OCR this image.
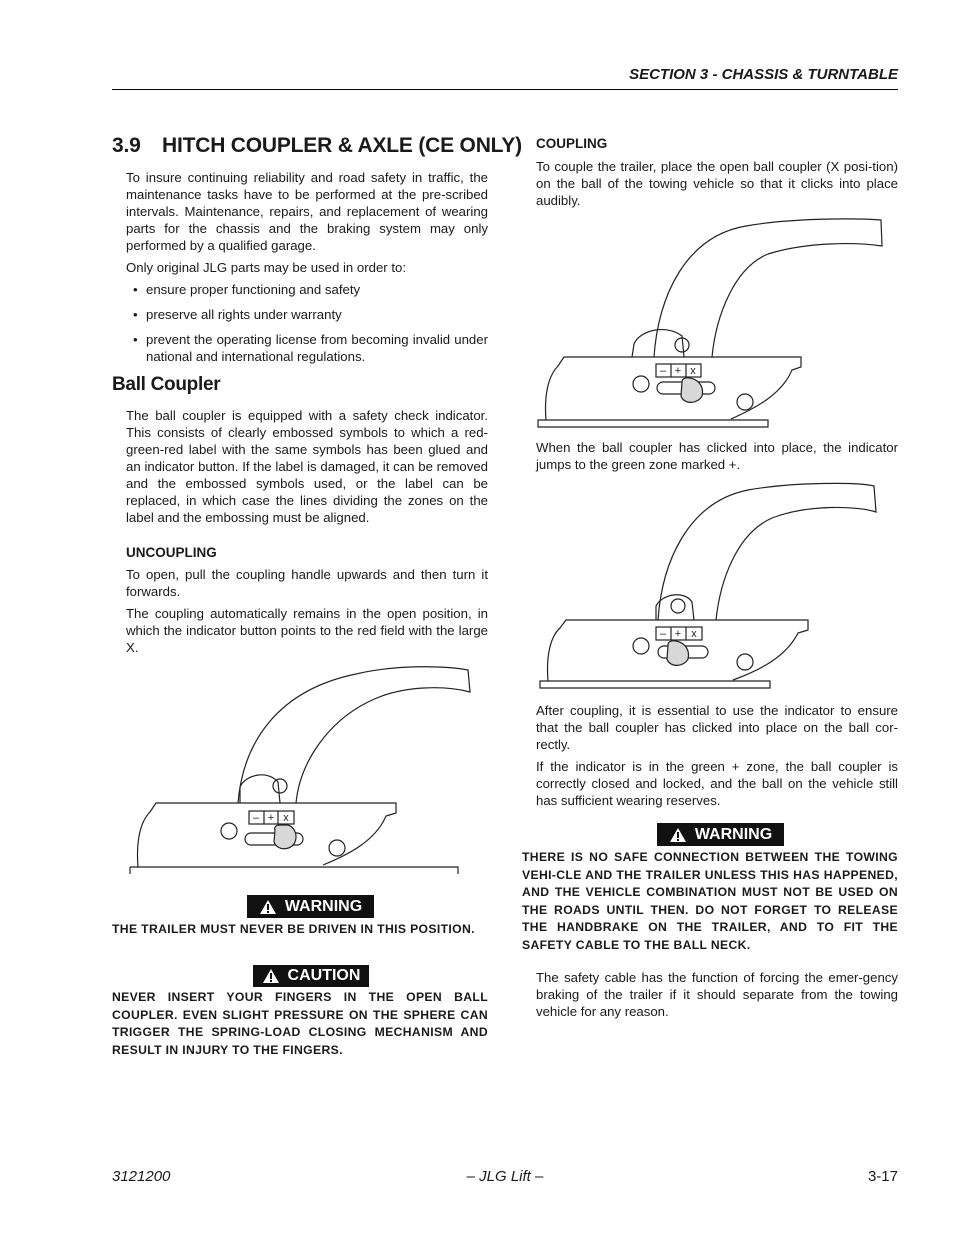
SECTION 3 - CHASSIS & TURNTABLE
3.9 HITCH COUPLER & AXLE (CE ONLY)
To insure continuing reliability and road safety in traffic, the maintenance tasks have to be performed at the pre-scribed intervals. Maintenance, repairs, and replacement of wearing parts for the chassis and the braking system may only performed by a qualified garage.
Only original JLG parts may be used in order to:
• ensure proper functioning and safety
• preserve all rights under warranty
• prevent the operating license from becoming invalid under national and international regulations.
Ball Coupler
The ball coupler is equipped with a safety check indicator. This consists of clearly embossed symbols to which a red-green-red label with the same symbols has been glued and an indicator button. If the label is damaged, it can be removed and the embossed symbols used, or the label can be replaced, in which case the lines dividing the zones on the label and the embossing must be aligned.
UNCOUPLING
To open, pull the coupling handle upwards and then turn it forwards.
The coupling automatically remains in the open position, in which the indicator button points to the red field with the large X.
– + x
WARNING
THE TRAILER MUST NEVER BE DRIVEN IN THIS POSITION.
CAUTION
NEVER INSERT YOUR FINGERS IN THE OPEN BALL COUPLER. EVEN SLIGHT PRESSURE ON THE SPHERE CAN TRIGGER THE SPRING-LOAD CLOSING MECHANISM AND RESULT IN INJURY TO THE FINGERS.
COUPLING
To couple the trailer, place the open ball coupler (X posi-tion) on the ball of the towing vehicle so that it clicks into place audibly.
– + x
When the ball coupler has clicked into place, the indicator jumps to the green zone marked +.
– + x
After coupling, it is essential to use the indicator to ensure that the ball coupler has clicked into place on the ball cor-rectly.
If the indicator is in the green + zone, the ball coupler is correctly closed and locked, and the ball on the vehicle still has sufficient wearing reserves.
WARNING
THERE IS NO SAFE CONNECTION BETWEEN THE TOWING VEHI-CLE AND THE TRAILER UNLESS THIS HAS HAPPENED, AND THE VEHICLE COMBINATION MUST NOT BE USED ON THE ROADS UNTIL THEN. DO NOT FORGET TO RELEASE THE HANDBRAKE ON THE TRAILER, AND TO FIT THE SAFETY CABLE TO THE BALL NECK.
The safety cable has the function of forcing the emer-gency braking of the trailer if it should separate from the towing vehicle for any reason.
3121200	– JLG Lift –	3-17
